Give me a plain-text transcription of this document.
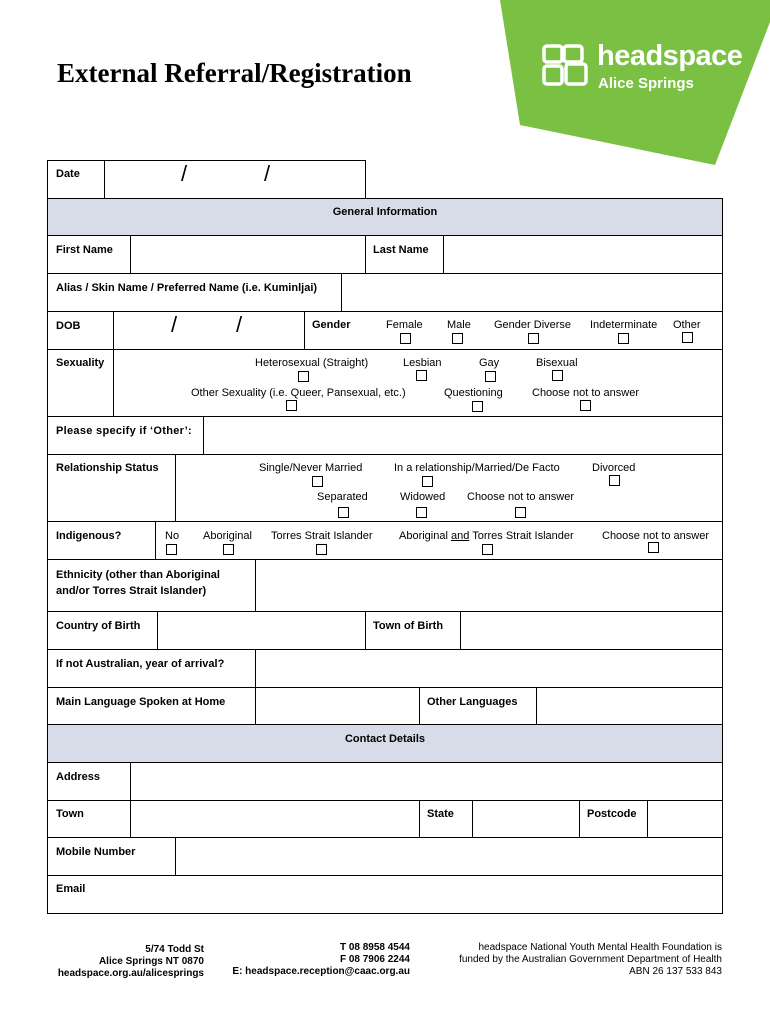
External Referral/Registration
headspace
Alice Springs
Date	/	/
General Information
First Name	Last Name
Alias / Skin Name / Preferred Name (i.e. Kuminljai)
DOB	/	/	Gender	Female Male Gender Diverse Indeterminate Other
Sexuality	Heterosexual (Straight)	Lesbian	Gay	Bisexual
Other Sexuality (i.e. Queer, Pansexual, etc.)	Questioning	Choose not to answer
Please specify if ‘Other’:
Relationship Status	Single/Never Married	In a relationship/Married/De Facto	Divorced
Separated	Widowed Choose not to answer
Indigenous?	No Aboriginal Torres Strait Islander Aboriginal and Torres Strait Islander	Choose not to answer
Ethnicity (other than Aboriginal
and/or Torres Strait Islander)
Country of Birth	Town of Birth
If not Australian, year of arrival?
Main Language Spoken at Home	Other Languages
Contact Details
Address
Town	State	Postcode
Mobile Number
Email
5/74 Todd St
Alice Springs NT 0870
headspace.org.au/alicesprings
T 08 8958 4544
F 08 7906 2244
E: headspace.reception@caac.org.au
headspace National Youth Mental Health Foundation is
funded by the Australian Government Department of Health
ABN 26 137 533 843
